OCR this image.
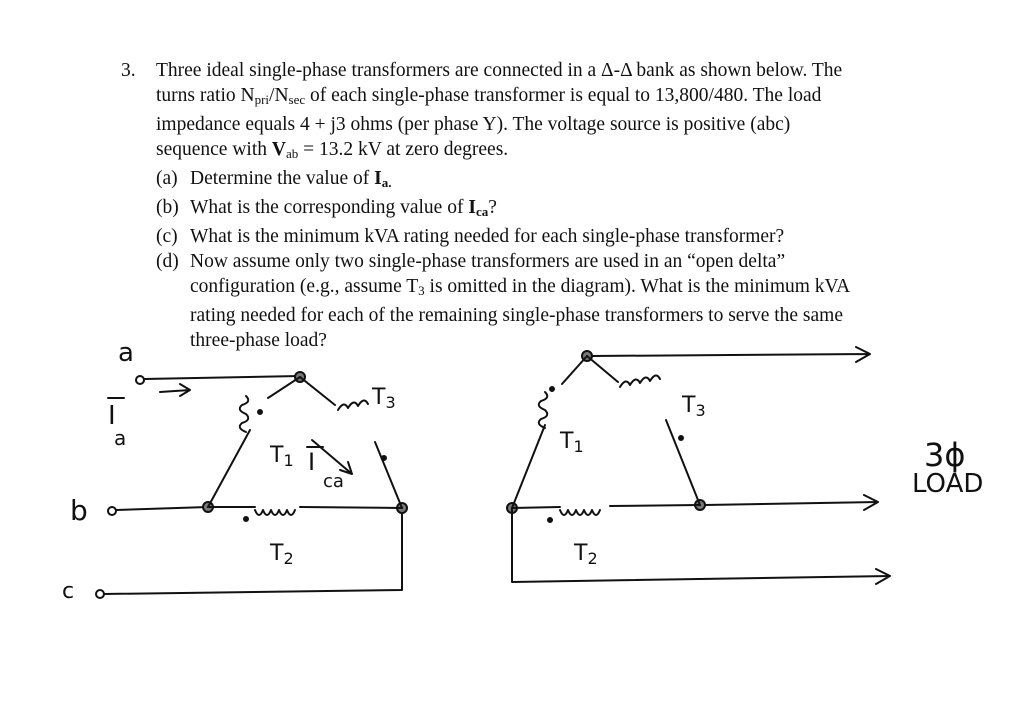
3. Three ideal single-phase transformers are connected in a Δ-Δ bank as shown below. The
turns ratio $N_{pri}/N_{sec}$ of each single-phase transformer is equal to 13,800/480. The load
impedance equals 4 + j3 ohms (per phase Y). The voltage source is positive (abc)
sequence with $V_{ab} = 13.2$ kV at zero degrees.
(a) Determine the value of Ia.
(b) What is the corresponding value of Ica?
(c) What is the minimum kVA rating needed for each single-phase transformer?
(d) Now assume only two single-phase transformers are used in an “open delta”
configuration (e.g., assume $T_3$ is omitted in the diagram). What is the minimum kVA
rating needed for each of the remaining single-phase transformers to serve the same
three-phase load?
a
I
a
b
c
T1
T3
T2
I
ca
T1
T3
T2
3ϕ
LOAD
